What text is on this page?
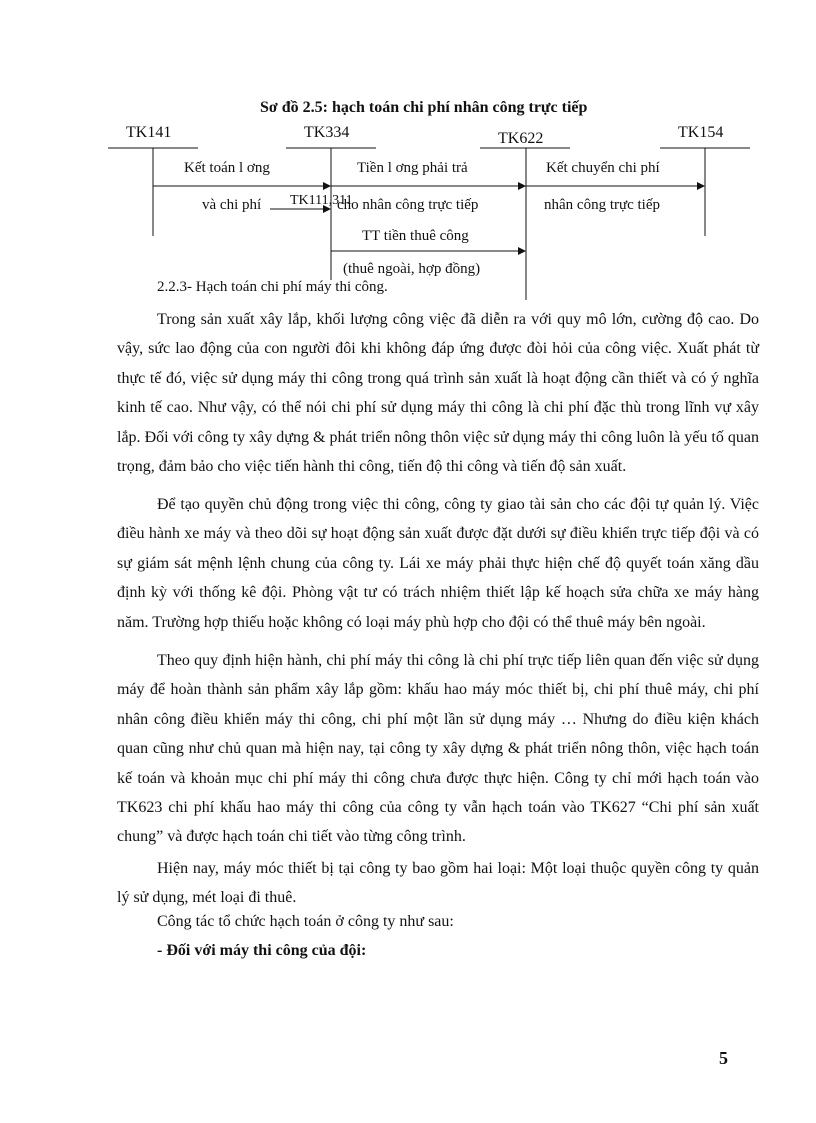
Sơ đồ 2.5: hạch toán chi phí nhân công trực tiếp
TK141	TK334	TK622	TK154
Kết toán l ơng
và chi phí TK111,311
Tiền l ơng phải trả
cho nhân công trực tiếp
TT tiền thuê công
(thuê ngoài, hợp đồng)
Kết chuyển chi phí
nhân công trực tiếp
2.2.3- Hạch toán chi phí máy thi công.

Trong sản xuất xây lắp, khối lượng công việc đã diễn ra với quy mô lớn, cường độ cao. Do vậy, sức lao động của con người đôi khi không đáp ứng được đòi hỏi của công việc. Xuất phát từ thực tế đó, việc sử dụng máy thi công trong quá trình sản xuất là hoạt động cần thiết và có ý nghĩa kinh tế cao. Như vậy, có thể nói chi phí sử dụng máy thi công là chi phí đặc thù trong lĩnh vự xây lắp. Đối với công ty xây dựng & phát triển nông thôn việc sử dụng máy thi công luôn là yếu tố quan trọng, đảm bảo cho việc tiến hành thi công, tiến độ thi công và tiến độ sản xuất.

Để tạo quyền chủ động trong việc thi công, công ty giao tài sản cho các đội tự quản lý. Việc điều hành xe máy và theo dõi sự hoạt động sản xuất được đặt dưới sự điều khiển trực tiếp đội và có sự giám sát mệnh lệnh chung của công ty. Lái xe máy phải thực hiện chế độ quyết toán xăng dầu định kỳ với thống kê đội. Phòng vật tư có trách nhiệm thiết lập kế hoạch sửa chữa xe máy hàng năm. Trường hợp thiếu hoặc không có loại máy phù hợp cho đội có thể thuê máy bên ngoài.

Theo quy định hiện hành, chi phí máy thi công là chi phí trực tiếp liên quan đến việc sử dụng máy để hoàn thành sản phẩm xây lắp gồm: khấu hao máy móc thiết bị, chi phí thuê máy, chi phí nhân công điều khiển máy thi công, chi phí một lần sử dụng máy … Nhưng do điều kiện khách quan cũng như chủ quan mà hiện nay, tại công ty xây dựng & phát triển nông thôn, việc hạch toán kế toán và khoản mục chi phí máy thi công chưa được thực hiện. Công ty chỉ mới hạch toán vào TK623 chi phí khấu hao máy thi công của công ty vẫn hạch toán vào TK627 “Chi phí sản xuất chung” và được hạch toán chi tiết vào từng công trình.

Hiện nay, máy móc thiết bị tại công ty bao gồm hai loại: Một loại thuộc quyền công ty quản lý sử dụng, mét loại đi thuê.

Công tác tổ chức hạch toán ở công ty như sau:
- Đối với máy thi công của đội:
5
